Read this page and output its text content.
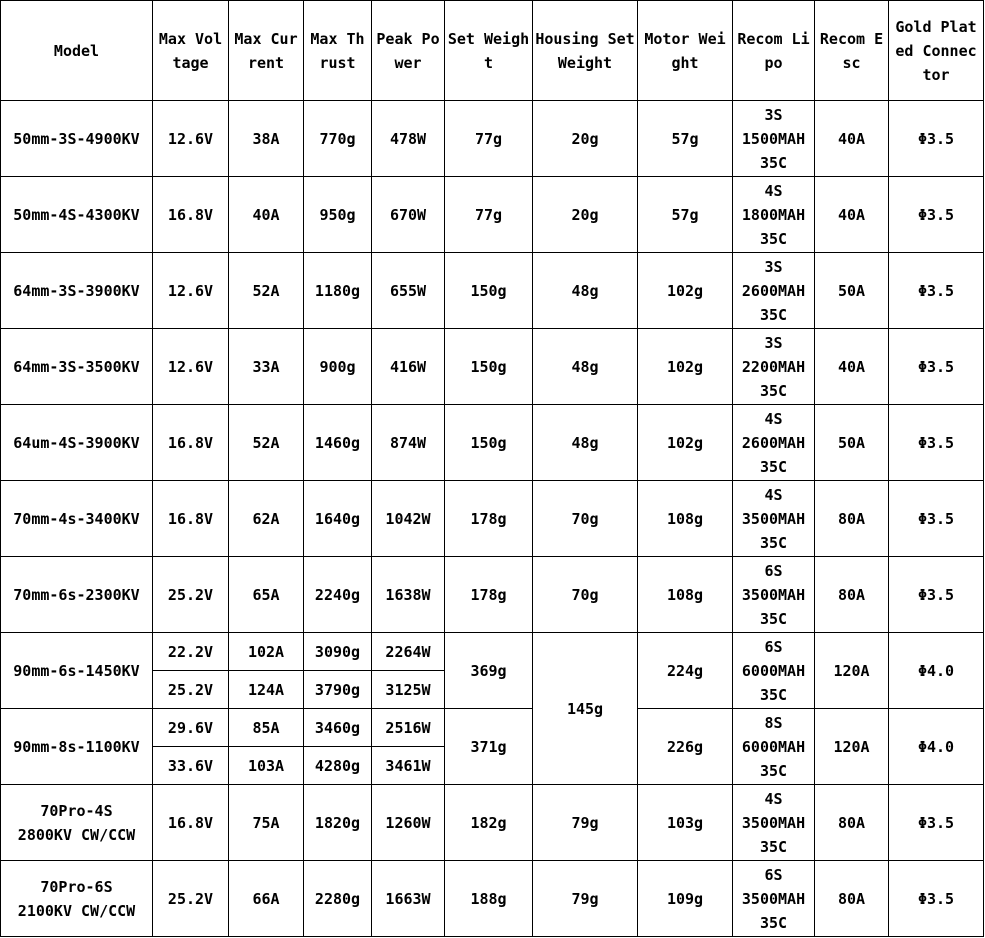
Model	Max Voltage	Max Current	Max Thrust	Peak Power	Set Weight	Housing Set Weight	Motor Weight	Recom Lipo	Recom Esc	Gold Plated Connector
50mm-3S-4900KV	12.6V	38A	770g	478W	77g	20g	57g	3S
1500MAH
35C	40A	Φ3.5
50mm-4S-4300KV	16.8V	40A	950g	670W	77g	20g	57g	4S
1800MAH
35C	40A	Φ3.5
64mm-3S-3900KV	12.6V	52A	1180g	655W	150g	48g	102g	3S
2600MAH
35C	50A	Φ3.5
64mm-3S-3500KV	12.6V	33A	900g	416W	150g	48g	102g	3S
2200MAH
35C	40A	Φ3.5
64um-4S-3900KV	16.8V	52A	1460g	874W	150g	48g	102g	4S
2600MAH
35C	50A	Φ3.5
70mm-4s-3400KV	16.8V	62A	1640g	1042W	178g	70g	108g	4S
3500MAH
35C	80A	Φ3.5
70mm-6s-2300KV	25.2V	65A	2240g	1638W	178g	70g	108g	6S
3500MAH
35C	80A	Φ3.5
90mm-6s-1450KV	22.2V	102A	3090g	2264W	369g	145g	224g	6S
6000MAH
35C	120A	Φ4.0
	25.2V	124A	3790g	3125W						
90mm-8s-1100KV	29.6V	85A	3460g	2516W	371g		226g	8S
6000MAH
35C	120A	Φ4.0
	33.6V	103A	4280g	3461W						
70Pro-4S
2800KV CW/CCW	16.8V	75A	1820g	1260W	182g	79g	103g	4S
3500MAH
35C	80A	Φ3.5
70Pro-6S
2100KV CW/CCW	25.2V	66A	2280g	1663W	188g	79g	109g	6S
3500MAH
35C	80A	Φ3.5
